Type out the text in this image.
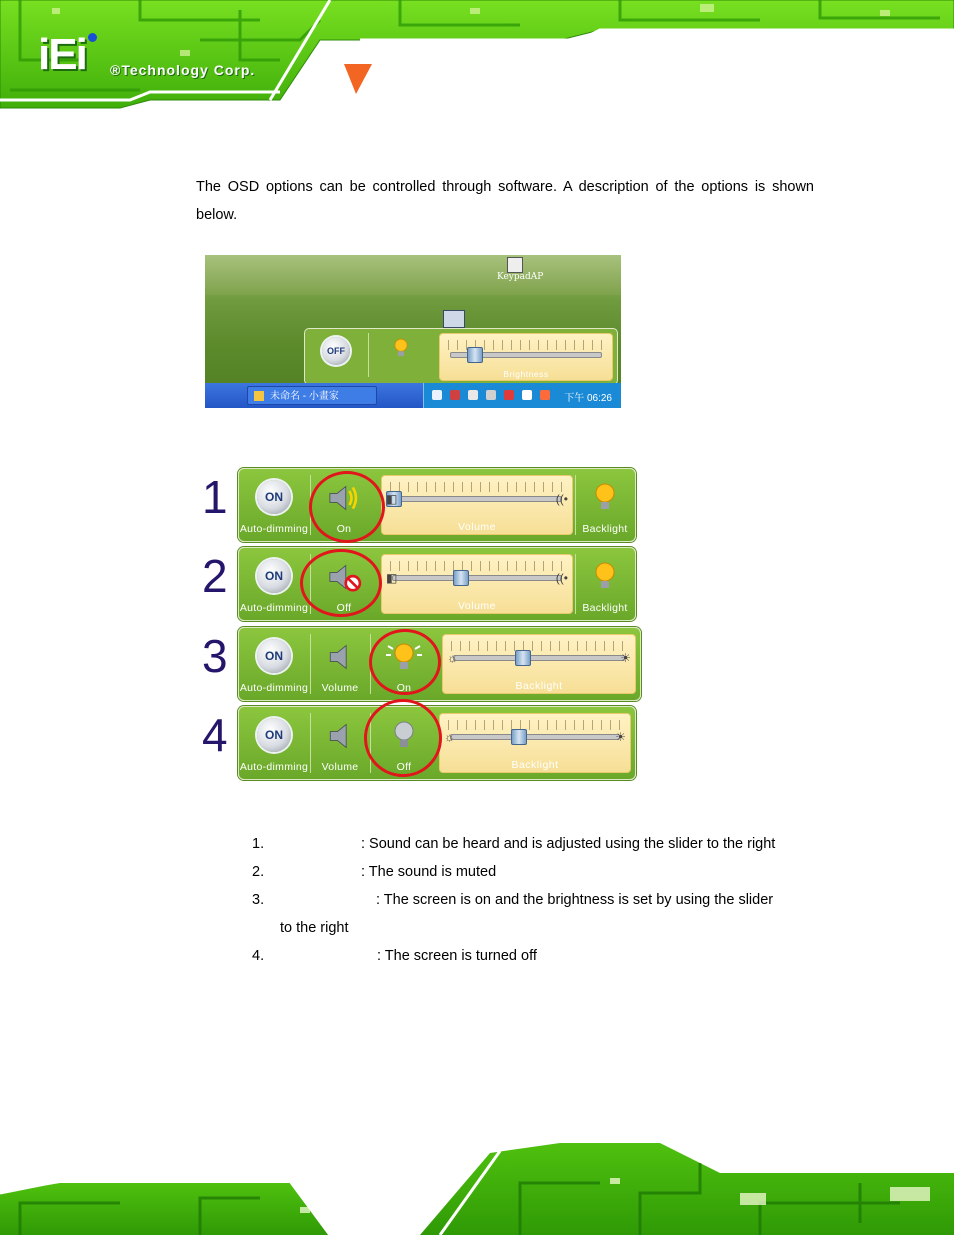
iEi ®Technology Corp.
The OSD options can be controlled through software. A description of the options is shown below.
KeypadAP
OFF
Brightness
未命名 - 小畫家	下午 06:26
1	ON
Auto-dimming	On
◧	((•
Volume	Backlight
2	ON
Auto-dimming	Off
◧	((•
Volume	Backlight
3	ON
Auto-dimming	Volume	On
☼	☀
Backlight
4	ON
Auto-dimming	Volume	Off
☼	☀
Backlight
1.	: Sound can be heard and is adjusted using the slider to the right
2.	: The sound is muted
3.	: The screen is on and the brightness is set by using the slider
to the right
4.	: The screen is turned off
